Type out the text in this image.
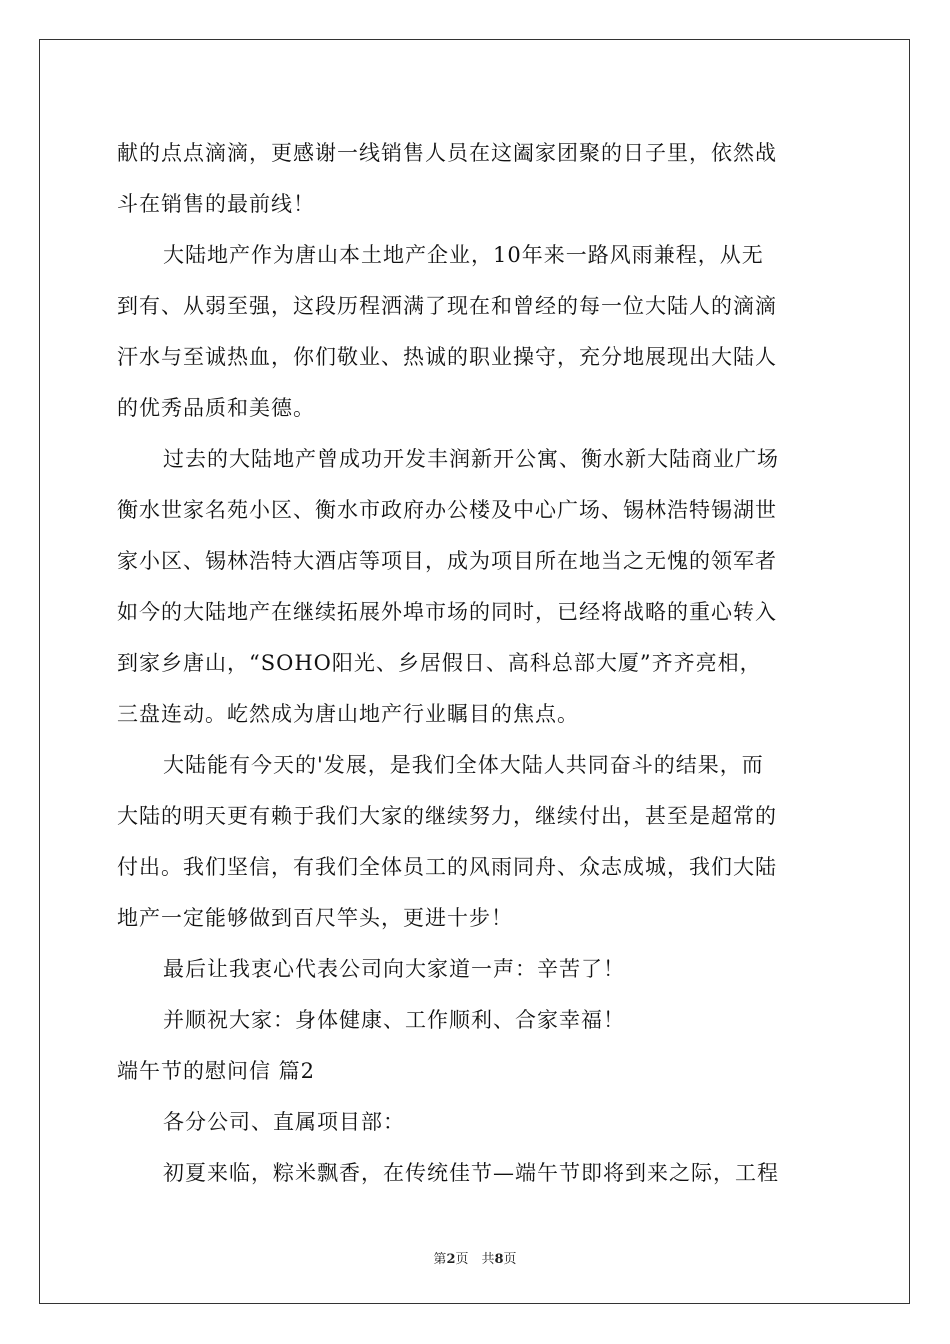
献的点点滴滴，更感谢一线销售人员在这阖家团聚的日子里，依然战
斗在销售的最前线！
大陆地产作为唐山本土地产企业，10年来一路风雨兼程，从无
到有、从弱至强，这段历程洒满了现在和曾经的每一位大陆人的滴滴
汗水与至诚热血，你们敬业、热诚的职业操守，充分地展现出大陆人
的优秀品质和美德。
过去的大陆地产曾成功开发丰润新开公寓、衡水新大陆商业广场
衡水世家名苑小区、衡水市政府办公楼及中心广场、锡林浩特锡湖世
家小区、锡林浩特大酒店等项目，成为项目所在地当之无愧的领军者
如今的大陆地产在继续拓展外埠市场的同时，已经将战略的重心转入
到家乡唐山，“SOHO阳光、乡居假日、高科总部大厦”齐齐亮相，
三盘连动。屹然成为唐山地产行业瞩目的焦点。
大陆能有今天的'发展，是我们全体大陆人共同奋斗的结果，而
大陆的明天更有赖于我们大家的继续努力，继续付出，甚至是超常的
付出。我们坚信，有我们全体员工的风雨同舟、众志成城，我们大陆
地产一定能够做到百尺竿头，更进十步！
最后让我衷心代表公司向大家道一声：辛苦了！
并顺祝大家：身体健康、工作顺利、合家幸福！
端午节的慰问信 篇2
各分公司、直属项目部：
初夏来临，粽米飘香，在传统佳节—端午节即将到来之际，工程
第2页　共8页
